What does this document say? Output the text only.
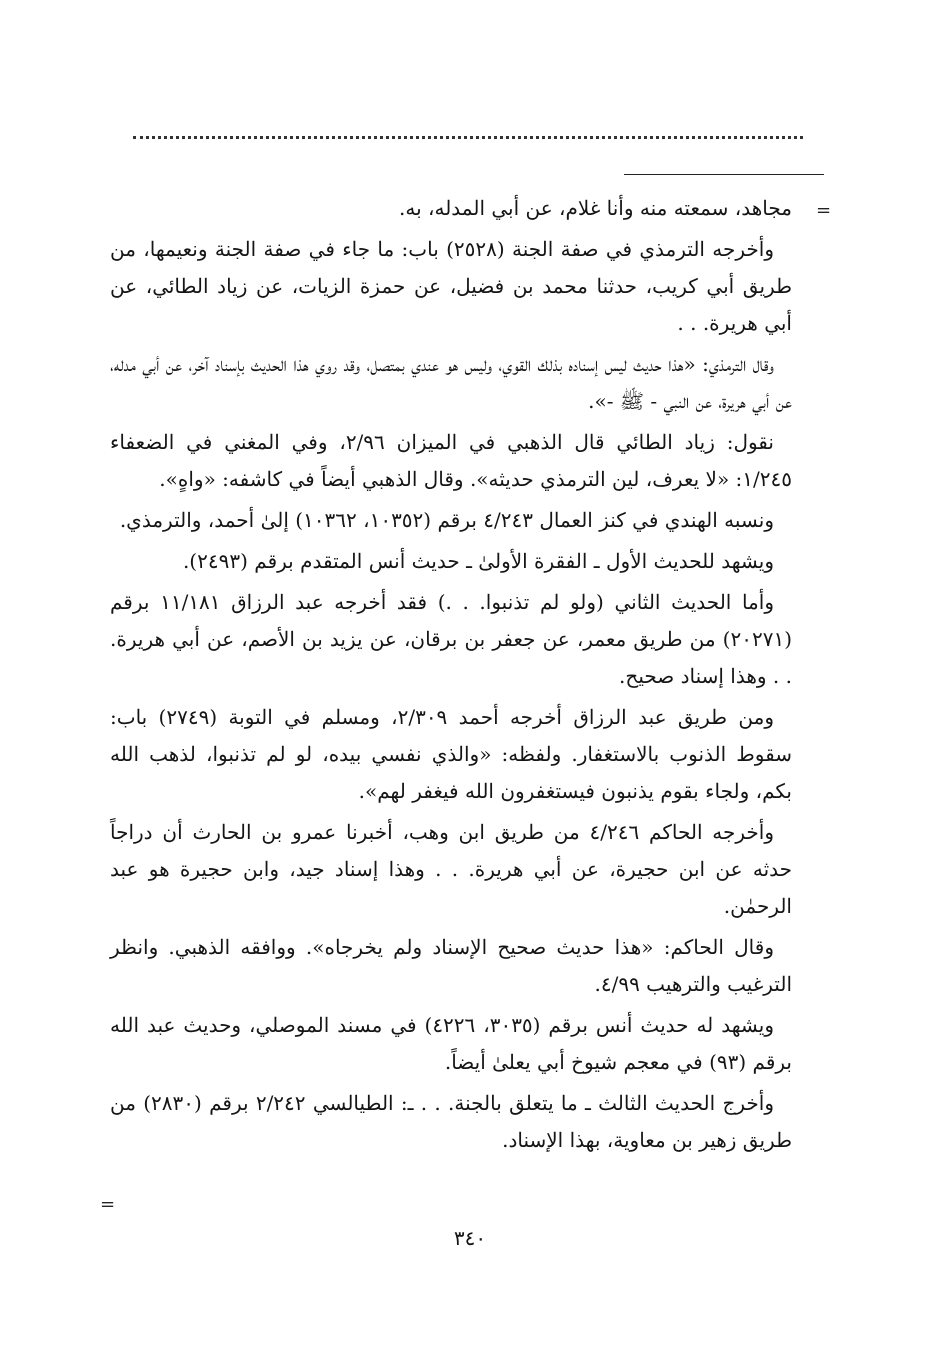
=

مجاهد، سمعته منه وأنا غلام، عن أبي المدله، به.

وأخرجه الترمذي في صفة الجنة (٢٥٢٨) باب: ما جاء في صفة الجنة ونعيمها، من طريق أبي كريب، حدثنا محمد بن فضيل، عن حمزة الزيات، عن زياد الطائي، عن أبي هريرة. . .

وقال الترمذي: «هذا حديث ليس إسناده بذلك القوي، وليس هو عندي بمتصل، وقد روي هذا الحديث بإسناد آخر، عن أبي مدله، عن أبي هريرة، عن النبي - ﷺ -».

نقول: زياد الطائي قال الذهبي في الميزان ٢/٩٦، وفي المغني في الضعفاء ١/٢٤٥: «لا يعرف، لين الترمذي حديثه». وقال الذهبي أيضاً في كاشفه: «واهٍ».

ونسبه الهندي في كنز العمال ٤/٢٤٣ برقم (١٠٣٥٢، ١٠٣٦٢) إلىٰ أحمد، والترمذي.

ويشهد للحديث الأول ـ الفقرة الأولىٰ ـ حديث أنس المتقدم برقم (٢٤٩٣).

وأما الحديث الثاني (ولو لم تذنبوا. . .) فقد أخرجه عبد الرزاق ١١/١٨١ برقم (٢٠٢٧١) من طريق معمر، عن جعفر بن برقان، عن يزيد بن الأصم، عن أبي هريرة. . . وهذا إسناد صحيح.

ومن طريق عبد الرزاق أخرجه أحمد ٢/٣٠٩، ومسلم في التوبة (٢٧٤٩) باب: سقوط الذنوب بالاستغفار. ولفظه: «والذي نفسي بيده، لو لم تذنبوا، لذهب الله بكم، ولجاء بقوم يذنبون فيستغفرون الله فيغفر لهم».

وأخرجه الحاكم ٤/٢٤٦ من طريق ابن وهب، أخبرنا عمرو بن الحارث أن دراجاً حدثه عن ابن حجيرة، عن أبي هريرة. . . وهذا إسناد جيد، وابن حجيرة هو عبد الرحمٰن.

وقال الحاكم: «هذا حديث صحيح الإسناد ولم يخرجاه». ووافقه الذهبي. وانظر الترغيب والترهيب ٤/٩٩.

ويشهد له حديث أنس برقم (٣٠٣٥، ٤٢٢٦) في مسند الموصلي، وحديث عبد الله برقم (٩٣) في معجم شيوخ أبي يعلىٰ أيضاً.

وأخرج الحديث الثالث ـ ما يتعلق بالجنة. . . ـ: الطيالسي ٢/٢٤٢ برقم (٢٨٣٠) من طريق زهير بن معاوية، بهذا الإسناد.

=
٣٤٠
